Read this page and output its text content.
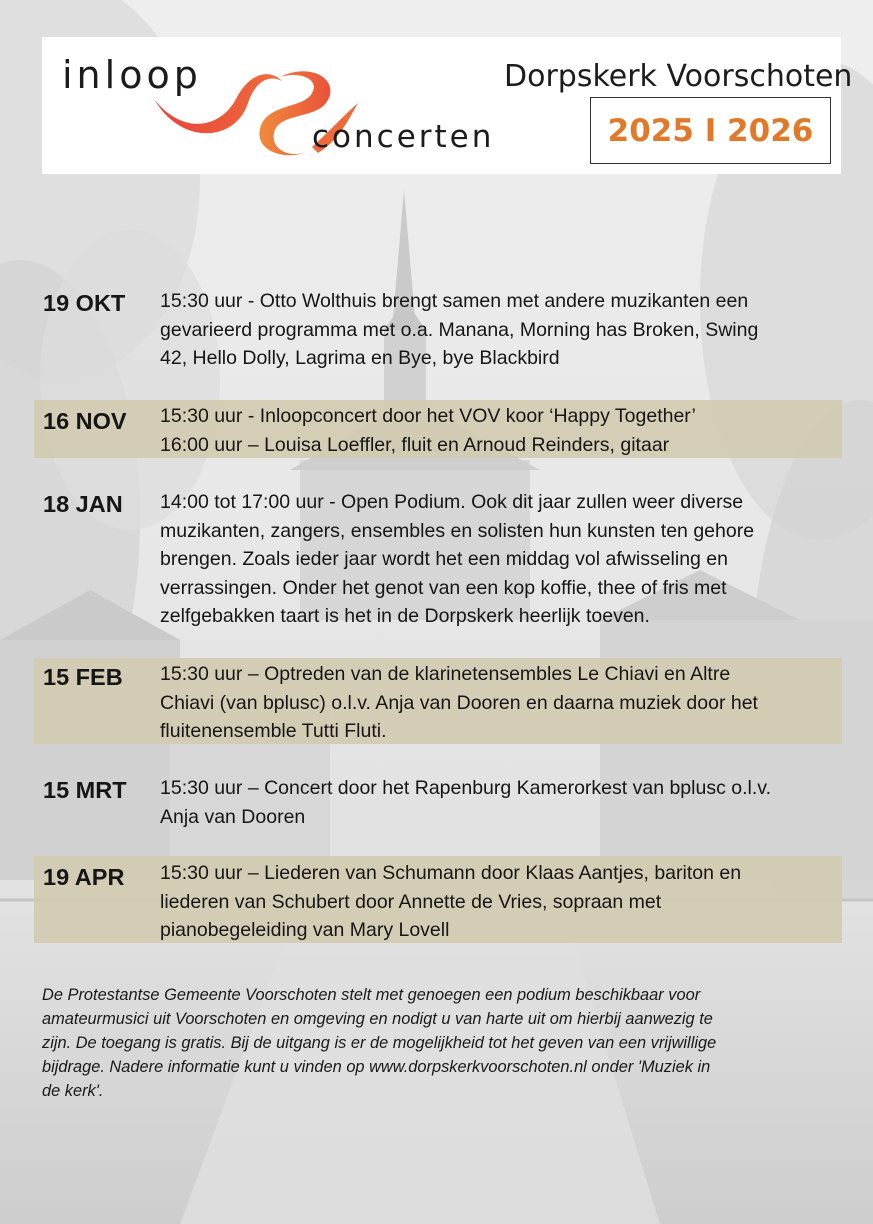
inloop
concerten
Dorpskerk Voorschoten
2025 I 2026
19 OKT 15:30 uur - Otto Wolthuis brengt samen met andere muzikanten een
gevarieerd programma met o.a. Manana, Morning has Broken, Swing
42, Hello Dolly, Lagrima en Bye, bye Blackbird
16 NOV 15:30 uur - Inloopconcert door het VOV koor ‘Happy Together’
16:00 uur – Louisa Loeffler, fluit en Arnoud Reinders, gitaar
18 JAN 14:00 tot 17:00 uur - Open Podium. Ook dit jaar zullen weer diverse
muzikanten, zangers, ensembles en solisten hun kunsten ten gehore
brengen. Zoals ieder jaar wordt het een middag vol afwisseling en
verrassingen. Onder het genot van een kop koffie, thee of fris met
zelfgebakken taart is het in de Dorpskerk heerlijk toeven.
15 FEB 15:30 uur – Optreden van de klarinetensembles Le Chiavi en Altre
Chiavi (van bplusc) o.l.v. Anja van Dooren en daarna muziek door het
fluitenensemble Tutti Fluti.
15 MRT 15:30 uur – Concert door het Rapenburg Kamerorkest van bplusc o.l.v.
Anja van Dooren
19 APR 15:30 uur – Liederen van Schumann door Klaas Aantjes, bariton en
liederen van Schubert door Annette de Vries, sopraan met
pianobegeleiding van Mary Lovell
De Protestantse Gemeente Voorschoten stelt met genoegen een podium beschikbaar voor
amateurmusici uit Voorschoten en omgeving en nodigt u van harte uit om hierbij aanwezig te
zijn. De toegang is gratis. Bij de uitgang is er de mogelijkheid tot het geven van een vrijwillige
bijdrage. Nadere informatie kunt u vinden op www.dorpskerkvoorschoten.nl onder 'Muziek in
de kerk'.
